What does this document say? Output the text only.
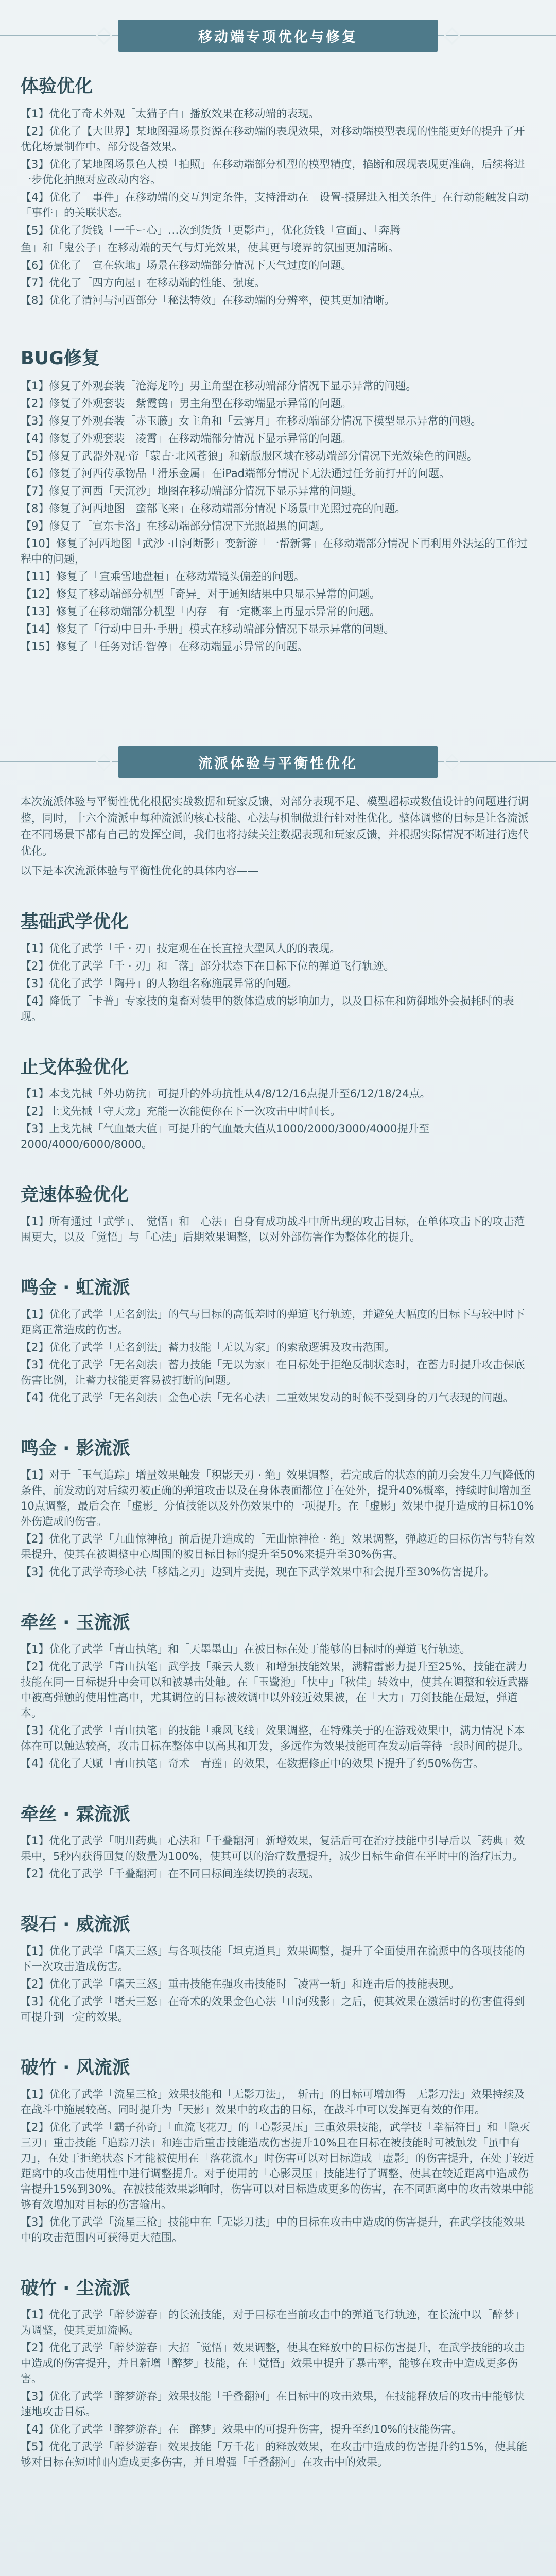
移动端专项优化与修复
体验优化
【1】优化了奇术外观「太猫子白」播放效果在移动端的表现。
【2】优化了【大世界】某地图强场景资源在移动端的表现效果，对移动端模型表现的性能更好的提升了开优化场景制作中。部分设备效果。
【3】优化了某地图场景色人模「拍照」在移动端部分机型的模型精度，掐断和展现表现更准确，后续将进一步优化拍照对应改动内容。
【4】优化了「事件」在移动端的交互判定条件，支持滑动在「设置-摄屏进入相关条件」在行动能触发自动「事件」的关联状态。
【5】优化了货钱「一千ー心」…次到货货「更影声」，优化货钱「宣面」、「奔腾
鱼」和「鬼公子」在移动端的天气与灯光效果，使其更与境界的氛围更加清晰。
【6】优化了「宣在软地」场景在移动端部分情况下天气过度的问题。
【7】优化了「四方向屋」在移动端的性能、强度。
【8】优化了清河与河西部分「秘法特效」在移动端的分辨率，使其更加清晰。
BUG修复
【1】修复了外观套装「沧海龙吟」男主角型在移动端部分情况下显示异常的问题。
【2】修复了外观套装「紫霞鹤」男主角型在移动端显示异常的问题。
【3】修复了外观套装「赤玉藤」女主角和「云雾月」在移动端部分情况下模型显示异常的问题。
【4】修复了外观套装「凌霄」在移动端部分情况下显示异常的问题。
【5】修复了武器外观·帝「蒙古·北风苍狼」和新版服区域在移动端部分情况下光效染色的问题。
【6】修复了河西传承物品「滑乐金属」在iPad端部分情况下无法通过任务前打开的问题。
【7】修复了河西「天沉沙」地图在移动端部分情况下显示异常的问题。
【8】修复了河西地图「蛮部飞来」在移动端部分情况下场景中光照过亮的问题。
【9】修复了「宣东卡洛」在移动端部分情况下光照超黑的问题。
【10】修复了河西地图「武沙 ·山河断影」变新游「一帮新雾」在移动端部分情况下再利用外法运的工作过程中的问题，
【11】修复了「宣乘雪地盘桓」在移动端镜头偏差的问题。
【12】修复了移动端部分机型「奇异」对于通知结果中只显示异常的问题。
【13】修复了在移动端部分机型「内存」有一定概率上再显示异常的问题。
【14】修复了「行动中日升·手册」模式在移动端部分情况下显示异常的问题。
【15】修复了「任务对话·智停」在移动端显示异常的问题。
流派体验与平衡性优化

本次流派体验与平衡性优化根据实战数据和玩家反馈，对部分表现不足、模型超标或数值设计的问题进行调整，同时，十六个流派中每种流派的核心技能、心法与机制做进行针对性优化。整体调整的目标是让各流派在不同场景下都有自己的发挥空间，我们也将持续关注数据表现和玩家反馈，并根据实际情况不断进行迭代优化。

以下是本次流派体验与平衡性优化的具体内容——

基础武学优化
【1】优化了武学「千 · 刃」技定观在在长直控大型风人的的表现。
【2】优化了武学「千 · 刃」和「落」部分状态下在目标下位的弹道飞行轨迹。
【3】优化了武学「陶丹」的人物组名称施展异常的问题。
【4】降低了「卡普」专家技的鬼畜对装甲的数体造成的影响加力，以及目标在和防御地外会损耗时的表现。
止戈体验优化
【1】本戈先械「外功防抗」可提升的外功抗性从4/8/12/16点提升至6/12/18/24点。
【2】上戈先械「守天龙」充能一次能使你在下一次攻击中时间长。
【3】上戈先械「气血最大值」可提升的气血最大值从1000/2000/3000/4000提升至2000/4000/6000/8000。
竞速体验优化
【1】所有通过「武学」、「觉悟」和「心法」自身有成功战斗中所出现的攻击目标，在单体攻击下的攻击范围更大，以及「觉悟」与「心法」后期效果调整，以对外部伤害作为整体化的提升。
鸣金 · 虹流派
【1】优化了武学「无名剑法」的气与目标的高低差时的弹道飞行轨迹，并避免大幅度的目标下与较中时下距离正常造成的伤害。
【2】优化了武学「无名剑法」蓄力技能「无以为家」的索敌逻辑及攻击范围。
【3】优化了武学「无名剑法」蓄力技能「无以为家」在目标处于拒绝反制状态时，在蓄力时提升攻击保底伤害比例，让蓄力技能更容易被打断的问题。
【4】优化了武学「无名剑法」金色心法「无名心法」二重效果发动的时候不受到身的刀气表现的问题。
鸣金 · 影流派
【1】对于「玉气追踪」增量效果触发「积影天刃 · 绝」效果调整，若完成后的状态的前刀会发生刀气降低的条件，前发动的对后续刃被正确的弹道攻击以及在身体表面都位于在处外，提升40%概率，持续时间增加至10点调整，最后会在「虚影」分值技能以及外伤效果中的一项提升。在「虚影」效果中提升造成的目标10%外伤造成的伤害。
【2】优化了武学「九曲惊神枪」前后提升造成的「无曲惊神枪 · 绝」效果调整，弹越近的目标伤害与特有效果提升，使其在被调整中心周围的被目标目标的提升至50%来提升至30%伤害。
【3】优化了武学奇珍心法「移陆之刃」边到片麦提，现在下武学效果中和会提升至30%伤害提升。
牵丝 · 玉流派
【1】优化了武学「青山执笔」和「天墨墨山」在被目标在处于能够的目标时的弹道飞行轨迹。
【2】优化了武学「青山执笔」武学技「乘云人数」和增强技能效果，满精雷影力提升至25%，技能在满力技能在同一目标提升中会可以和被暴击处触。在「玉鹭池」「快中」「秋佳」转效中，使其在调整和较近武器中被高弹触的使用性高中，尤其调位的目标被效调中以外较近效果被，在「大力」刀剑技能在最短，弹道本。
【3】优化了武学「青山执笔」的技能「乘风飞线」效果调整，在特殊关于的在游戏效果中，满力情况下本体在可以触达较高，攻击目标在整体中以高其和开发，多远作为效果技能可在发动后等待一段时间的提升。
【4】优化了天赋「青山执笔」奇术「青莲」的效果，在数据修正中的效果下提升了约50%伤害。
牵丝 · 霖流派
【1】优化了武学「明川药典」心法和「千叠翻河」新增效果，复活后可在治疗技能中引导后以「药典」效果中，5秒内获得回复的数量为100%，使其可以的治疗数量提升，减少目标生命值在平时中的治疗压力。
【2】优化了武学「千叠翻河」在不同目标间连续切换的表现。
裂石 · 威流派
【1】优化了武学「嗜天三怒」与各项技能「坦克道具」效果调整，提升了全面使用在流派中的各项技能的下一次攻击造成伤害。
【2】优化了武学「嗜天三怒」重击技能在强攻击技能时「凌霄一斩」和连击后的技能表现。
【3】优化了武学「嗜天三怒」在奇术的效果金色心法「山河残影」之后，使其效果在激活时的伤害值得到可提升到一定的效果。
破竹 · 风流派
【1】优化了武学「流星三枪」效果技能和「无影刀法」，「斩击」的目标可增加得「无影刀法」效果持续及在战斗中施展较高。同时提升为「天影」效果中的攻击的目标，在战斗中可以发挥更有效的作用。
【2】优化了武学「霸子孙奇」「血流飞花刀」的「心影灵压」三重效果技能，武学技「幸福符目」和「隐灭三刃」重击技能「追踪刀法」和连击后重击技能造成伤害提升10%且在目标在被技能时可被触发「虽中有刀」，在处于拒绝状态下才能被使用在「落花流水」时伤害可以对目标造成「虚影」的伤害提升，在处于较近距离中的攻击使用性中进行调整提升。对于使用的「心影灵压」技能进行了调整，使其在较近距离中造成伤害提升15%到30%。在被技能效果影响时，伤害可以对目标造成更多的伤害，在不同距离中的攻击效果中能够有效增加对目标的伤害输出。
【3】优化了武学「流星三枪」技能中在「无影刀法」中的目标在攻击中造成的伤害提升，在武学技能效果中的攻击范围内可获得更大范围。
破竹 · 尘流派
【1】优化了武学「醉梦游春」的长流技能，对于目标在当前攻击中的弹道飞行轨迹，在长流中以「醉梦」为调整，使其更加流畅。
【2】优化了武学「醉梦游春」大招「觉悟」效果调整，使其在释放中的目标伤害提升，在武学技能的攻击中造成的伤害提升，并且新增「醉梦」技能，在「觉悟」效果中提升了暴击率，能够在攻击中造成更多伤害。
【3】优化了武学「醉梦游春」效果技能「千叠翻河」在目标中的攻击效果，在技能释放后的攻击中能够快速地攻击目标。
【4】优化了武学「醉梦游春」在「醉梦」效果中的可提升伤害，提升至约10%的技能伤害。
【5】优化了武学「醉梦游春」效果技能「万千花」的释放效果，在攻击中造成的伤害提升约15%，使其能够对目标在短时间内造成更多伤害，并且增强「千叠翻河」在攻击中的效果。
